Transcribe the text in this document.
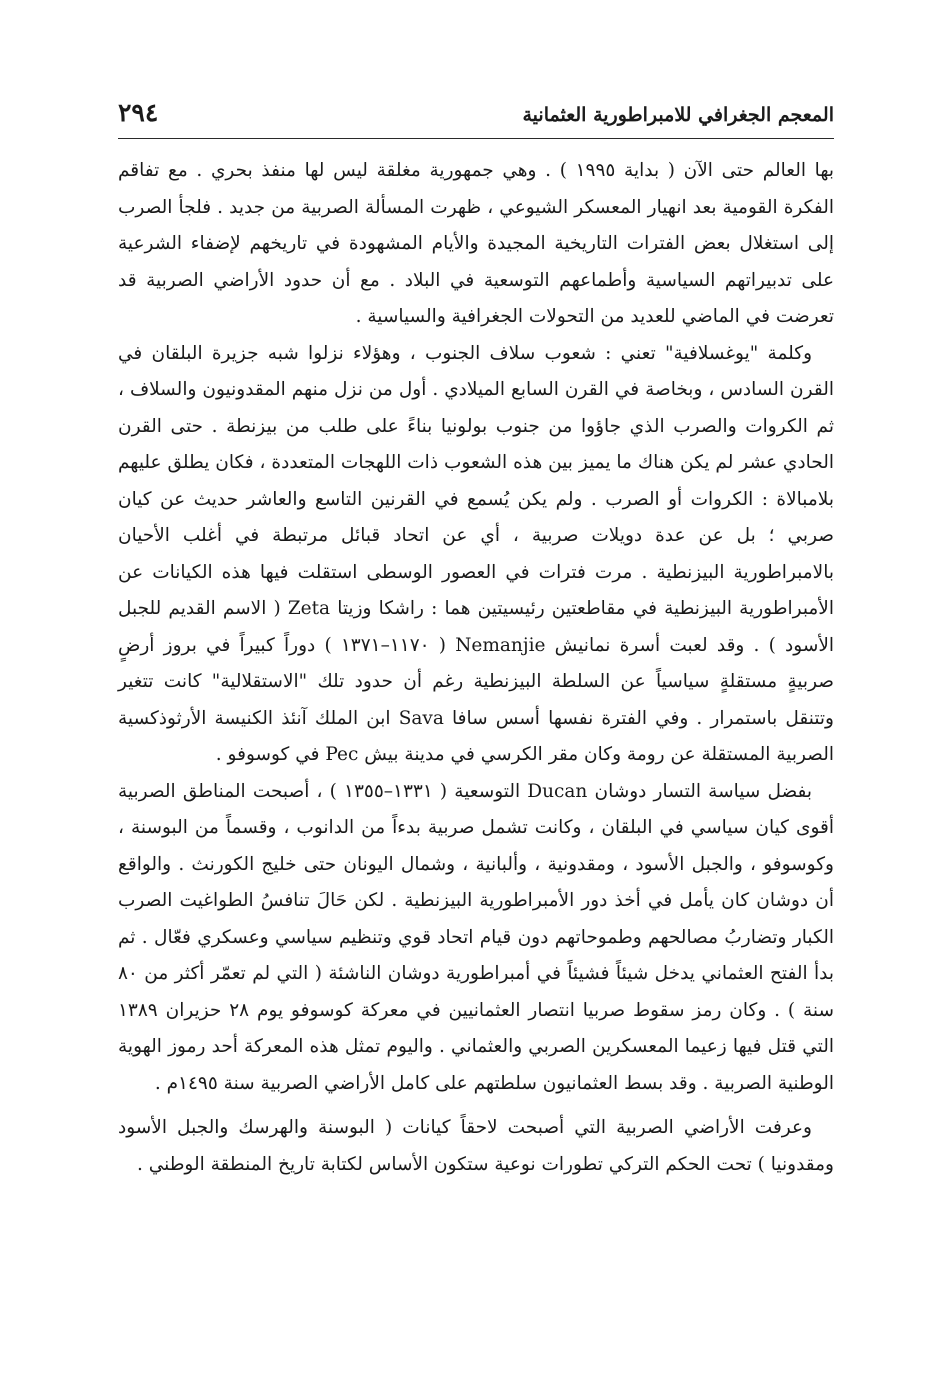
المعجم الجغرافي للامبراطورية العثمانية
٢٩٤

بها العالم حتى الآن ( بداية ١٩٩٥ ) . وهي جمهورية مغلقة ليس لها منفذ بحري . مع تفاقم الفكرة القومية بعد انهيار المعسكر الشيوعي ، ظهرت المسألة الصربية من جديد . فلجأ الصرب إلى استغلال بعض الفترات التاريخية المجيدة والأيام المشهودة في تاريخهم لإضفاء الشرعية على تدبيراتهم السياسية وأطماعهم التوسعية في البلاد . مع أن حدود الأراضي الصربية قد تعرضت في الماضي للعديد من التحولات الجغرافية والسياسية .

وكلمة "يوغسلافية" تعني : شعوب سلاف الجنوب ، وهؤلاء نزلوا شبه جزيرة البلقان في القرن السادس ، وبخاصة في القرن السابع الميلادي . أول من نزل منهم المقدونيون والسلاف ، ثم الكروات والصرب الذي جاؤوا من جنوب بولونيا بناءً على طلب من بيزنطة . حتى القرن الحادي عشر لم يكن هناك ما يميز بين هذه الشعوب ذات اللهجات المتعددة ، فكان يطلق عليهم بلامبالاة : الكروات أو الصرب . ولم يكن يُسمع في القرنين التاسع والعاشر حديث عن كيان صربي ؛ بل عن عدة دويلات صربية ، أي عن اتحاد قبائل مرتبطة في أغلب الأحيان بالامبراطورية البيزنطية . مرت فترات في العصور الوسطى استقلت فيها هذه الكيانات عن الأمبراطورية البيزنطية في مقاطعتين رئيسيتين هما : راشكا وزيتا Zeta ( الاسم القديم للجبل الأسود ) . وقد لعبت أسرة نمانيش Nemanjie ( ١١٧٠–١٣٧١ ) دوراً كبيراً في بروز أرضٍ صربيةٍ مستقلةٍ سياسياً عن السلطة البيزنطية رغم أن حدود تلك "الاستقلالية" كانت تتغير وتتنقل باستمرار . وفي الفترة نفسها أسس سافا Sava ابن الملك آنئذ الكنيسة الأرثوذكسية الصربية المستقلة عن رومة وكان مقر الكرسي في مدينة بيش Pec في كوسوفو .

بفضل سياسة التسار دوشان Ducan التوسعية ( ١٣٣١–١٣٥٥ ) ، أصبحت المناطق الصربية أقوى كيان سياسي في البلقان ، وكانت تشمل صربية بدءاً من الدانوب ، وقسماً من البوسنة ، وكوسوفو ، والجبل الأسود ، ومقدونية ، وألبانية ، وشمال اليونان حتى خليج الكورنث . والواقع أن دوشان كان يأمل في أخذ دور الأمبراطورية البيزنطية . لكن حَالَ تنافسُ الطواغيت الصرب الكبار وتضاربُ مصالحهم وطموحاتهم دون قيام اتحاد قوي وتنظيم سياسي وعسكري فعّال . ثم بدأ الفتح العثماني يدخل شيئاً فشيئاً في أمبراطورية دوشان الناشئة ( التي لم تعمّر أكثر من ٨٠ سنة ) . وكان رمز سقوط صربيا انتصار العثمانيين في معركة كوسوفو يوم ٢٨ حزيران ١٣٨٩ التي قتل فيها زعيما المعسكرين الصربي والعثماني . واليوم تمثل هذه المعركة أحد رموز الهوية الوطنية الصربية . وقد بسط العثمانيون سلطتهم على كامل الأراضي الصربية سنة ١٤٩٥م .

وعرفت الأراضي الصربية التي أصبحت لاحقاً كيانات ( البوسنة والهرسك والجبل الأسود ومقدونيا ) تحت الحكم التركي تطورات نوعية ستكون الأساس لكتابة تاريخ المنطقة الوطني .
